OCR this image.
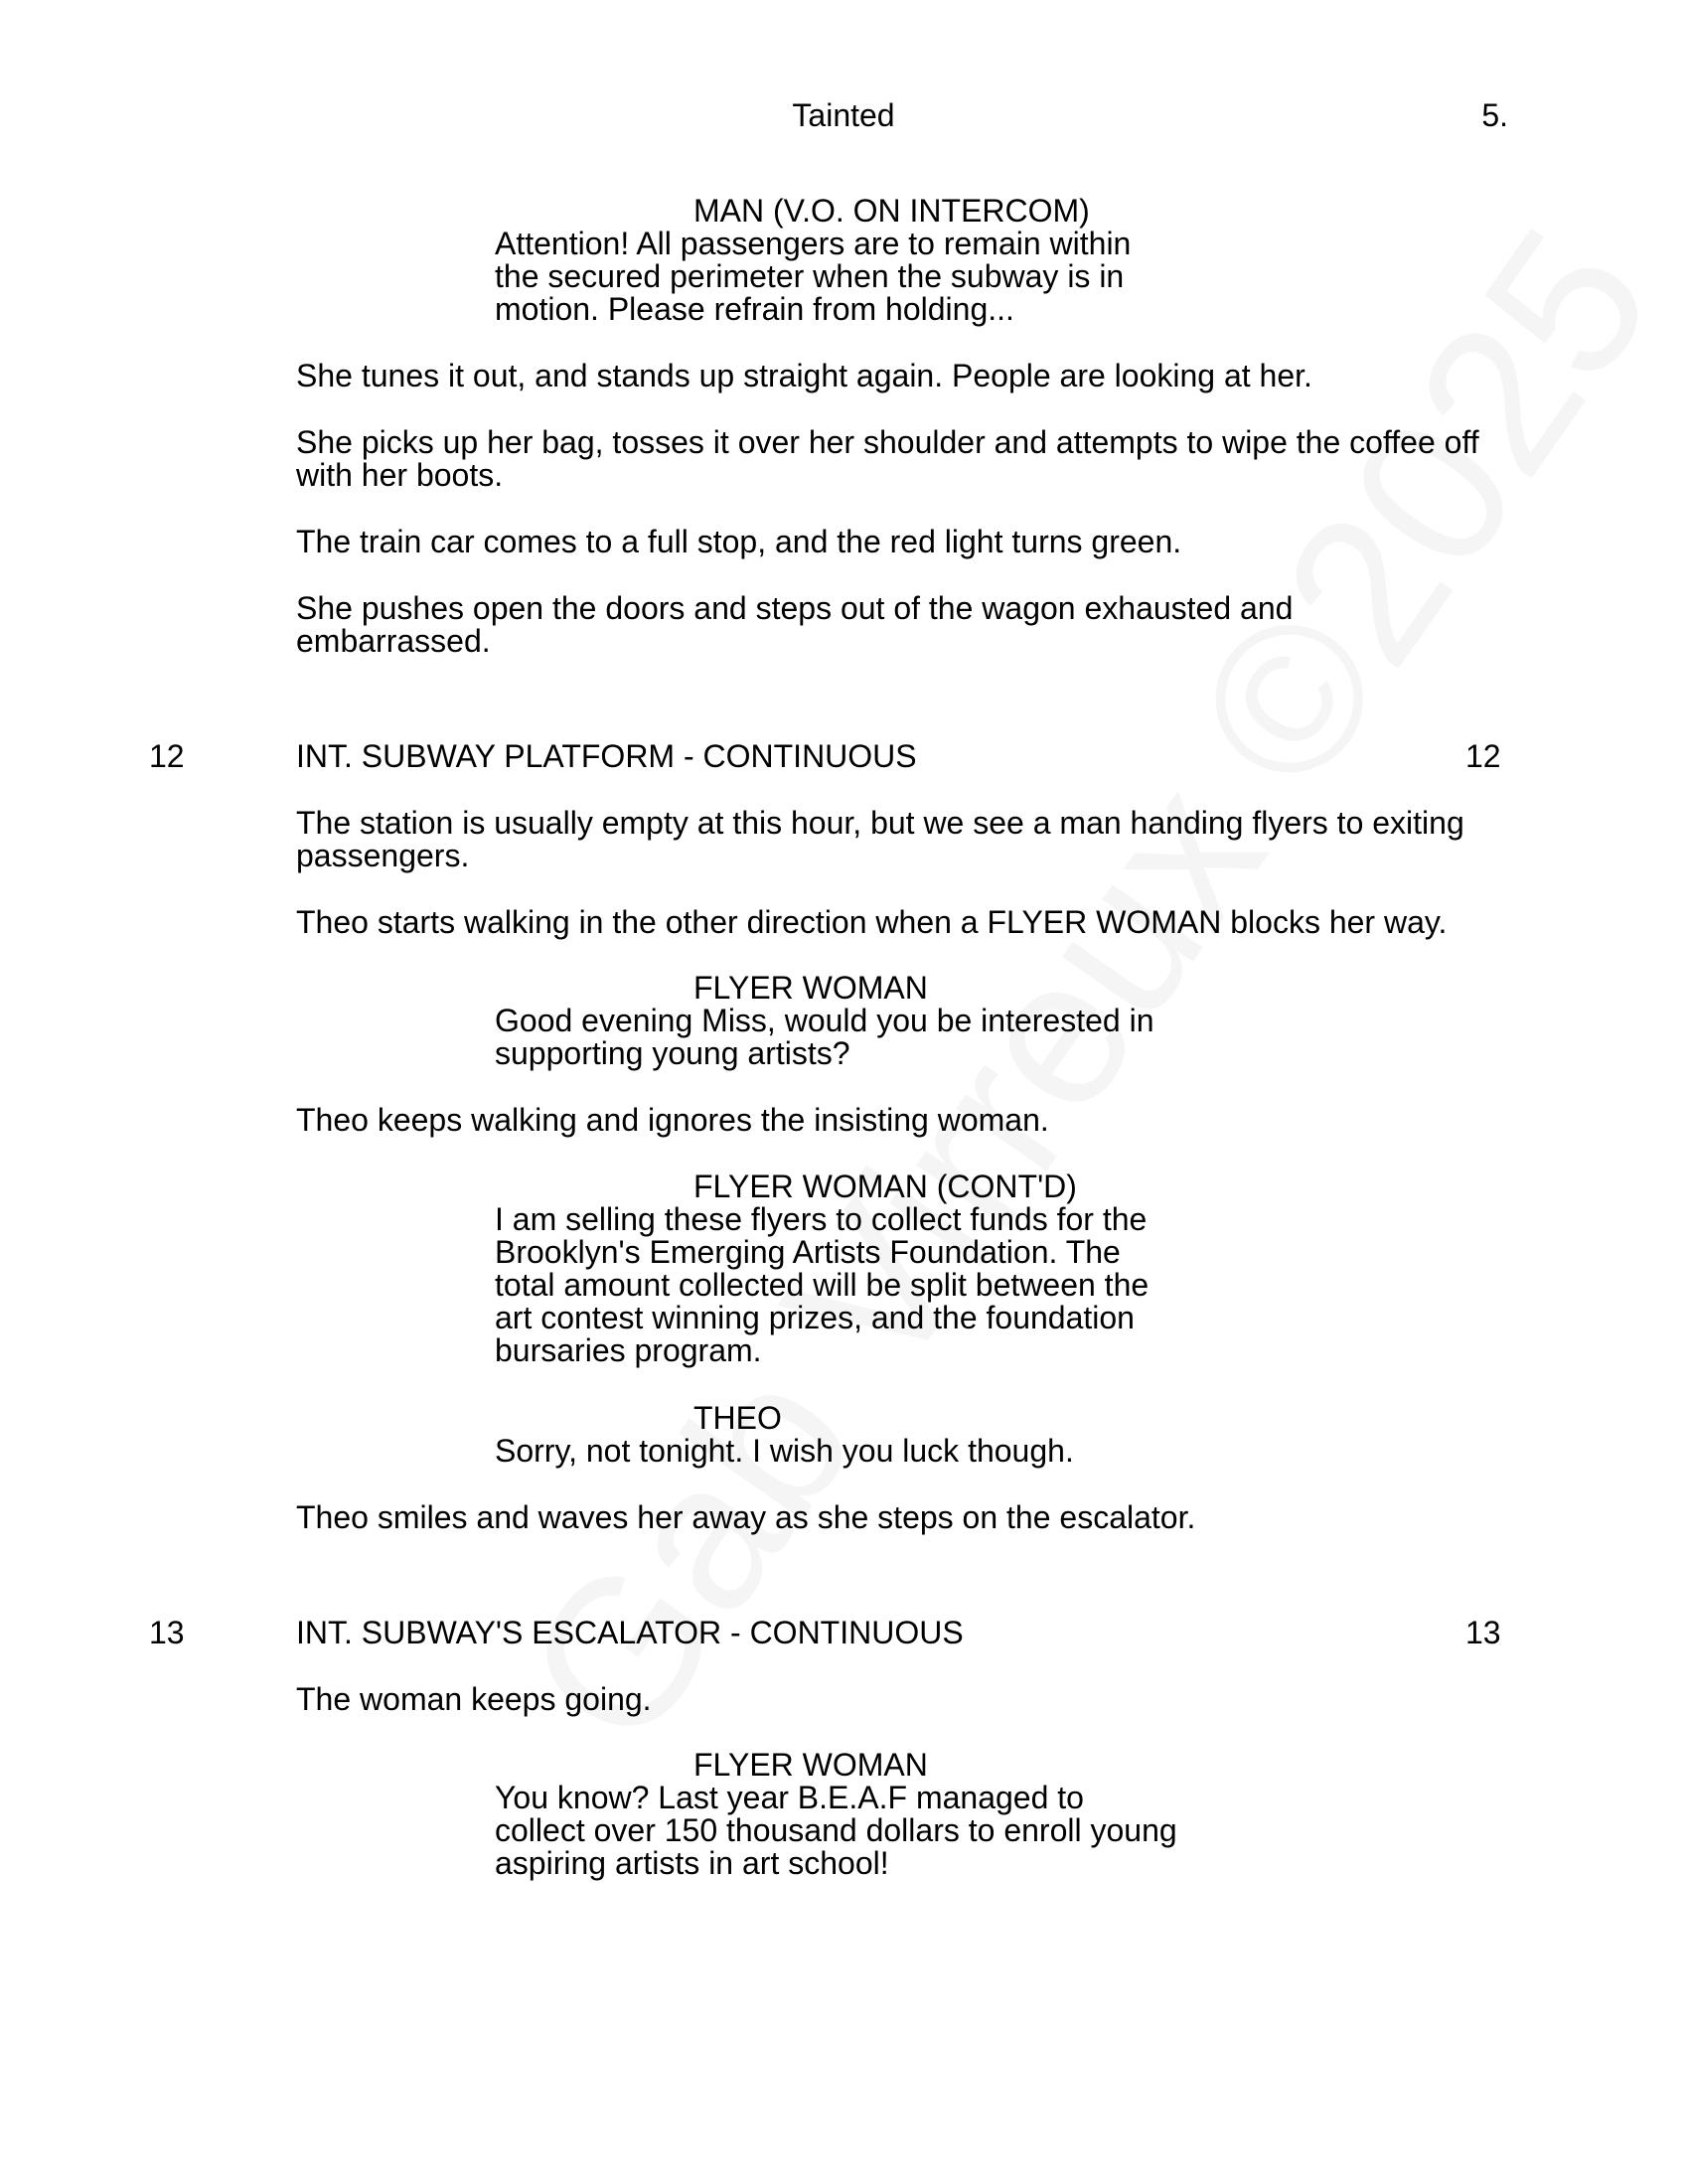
Tainted	5.
MAN (V.O. ON INTERCOM)
Attention! All passengers are to remain within
the secured perimeter when the subway is in
motion. Please refrain from holding...
She tunes it out, and stands up straight again. People are looking at her.
She picks up her bag, tosses it over her shoulder and attempts to wipe the coffee off
with her boots.
The train car comes to a full stop, and the red light turns green.
She pushes open the doors and steps out of the wagon exhausted and
embarrassed.
12	INT. SUBWAY PLATFORM - CONTINUOUS	12
The station is usually empty at this hour, but we see a man handing flyers to exiting
passengers.
Theo starts walking in the other direction when a FLYER WOMAN blocks her way.
FLYER WOMAN
Good evening Miss, would you be interested in
supporting young artists?
Theo keeps walking and ignores the insisting woman.
FLYER WOMAN (CONT'D)
I am selling these flyers to collect funds for the
Brooklyn's Emerging Artists Foundation. The
total amount collected will be split between the
art contest winning prizes, and the foundation
bursaries program.
THEO
Sorry, not tonight. I wish you luck though.
Theo smiles and waves her away as she steps on the escalator.
13	INT. SUBWAY'S ESCALATOR - CONTINUOUS	13
The woman keeps going.
FLYER WOMAN
You know? Last year B.E.A.F managed to
collect over 150 thousand dollars to enroll young
aspiring artists in art school!
